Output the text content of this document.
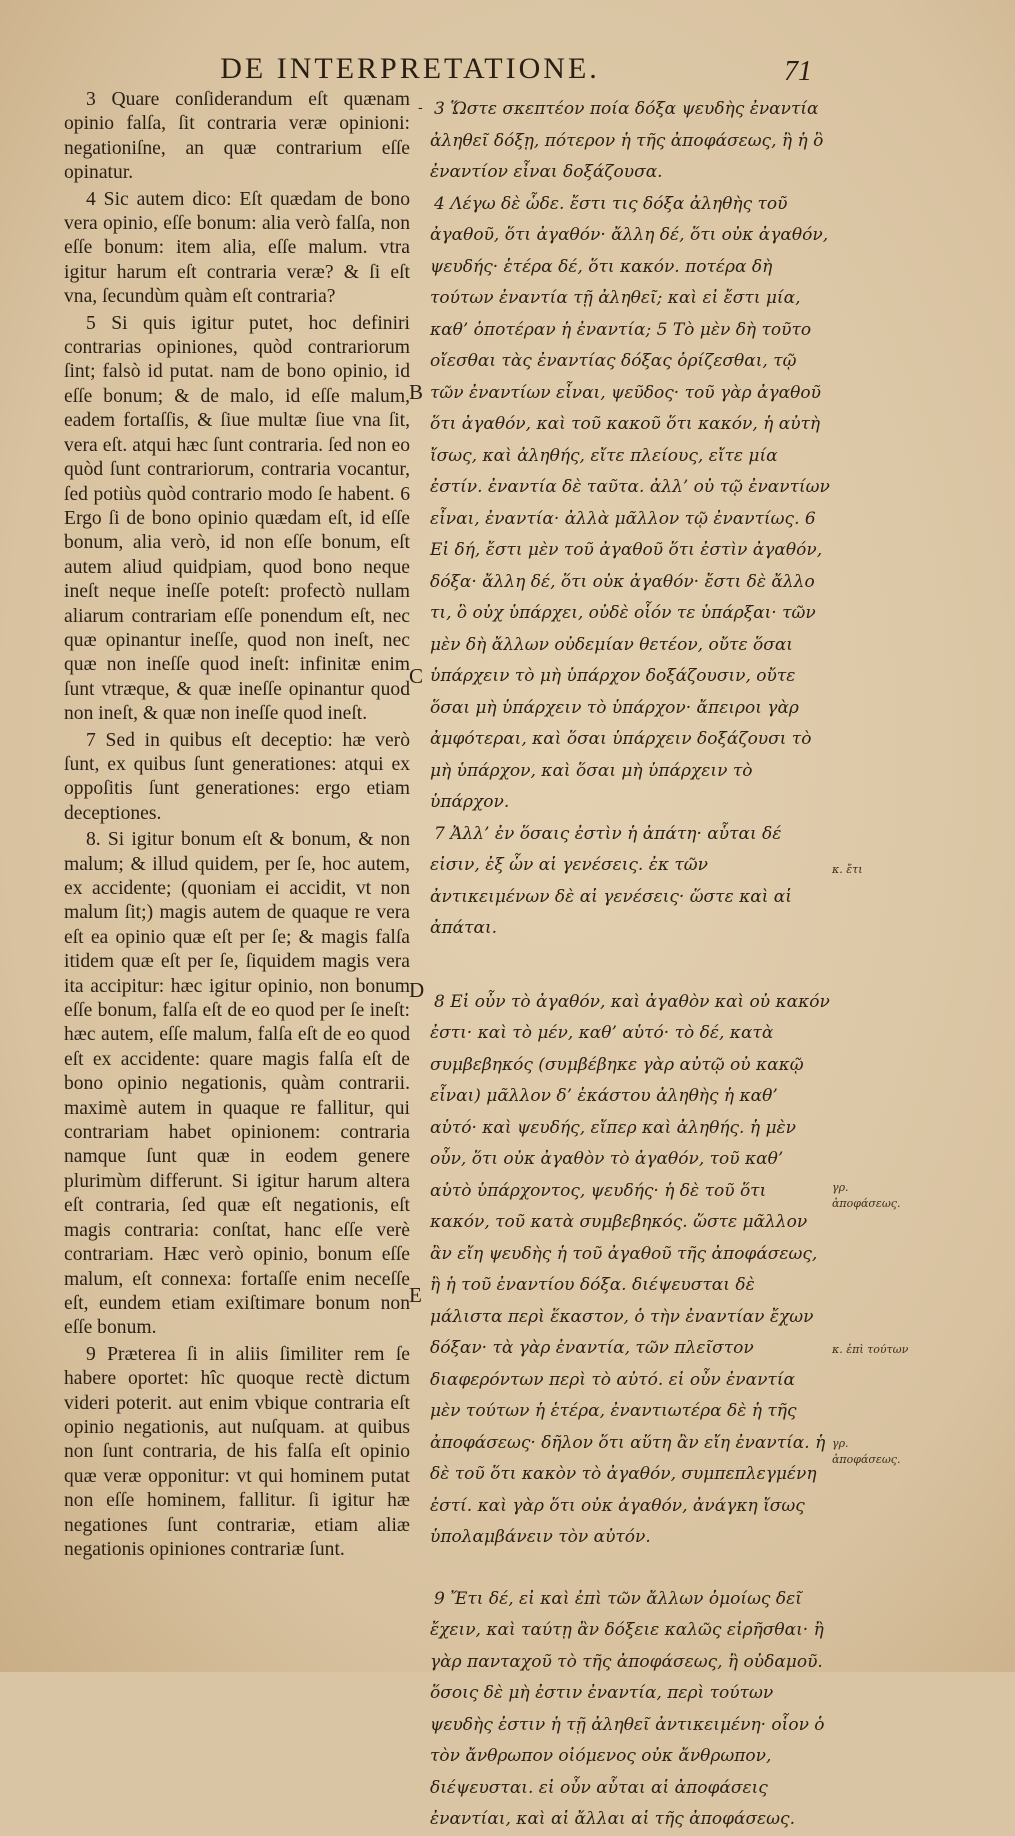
DE INTERPRETATIONE.	71
-

3 Quare conſiderandum eſt quænam opinio falſa, ſit contraria veræ opinioni: negationiſne, an quæ contrarium eſſe opinatur.

4 Sic autem dico: Eſt quædam de bono vera opinio, eſſe bonum: alia verò falſa, non eſſe bonum: item alia, eſſe malum. vtra igitur harum eſt contraria veræ? & ſi eſt vna, ſecundùm quàm eſt contraria?

5 Si quis igitur putet, hoc definiri contrarias opiniones, quòd contrariorum ſint; falsò id putat. nam de bono opinio, id eſſe bonum; & de malo, id eſſe malum, eadem fortaſſis, & ſiue multæ ſiue vna ſit, vera eſt. atqui hæc ſunt contraria. ſed non eo quòd ſunt contrariorum, contraria vocantur, ſed potiùs quòd contrario modo ſe habent. 6 Ergo ſi de bono opinio quædam eſt, id eſſe bonum, alia verò, id non eſſe bonum, eſt autem aliud quidpiam, quod bono neque ineſt neque ineſſe poteſt: profectò nullam aliarum contrariam eſſe ponendum eſt, nec quæ opinantur ineſſe, quod non ineſt, nec quæ non ineſſe quod ineſt: infinitæ enim ſunt vtræque, & quæ ineſſe opinantur quod non ineſt, & quæ non ineſſe quod ineſt.

7 Sed in quibus eſt deceptio: hæ verò ſunt, ex quibus ſunt generationes: atqui ex oppoſitis ſunt generationes: ergo etiam deceptiones.

8. Si igitur bonum eſt & bonum, & non malum; & illud quidem, per ſe, hoc autem, ex accidente; (quoniam ei accidit, vt non malum ſit;) magis autem de quaque re vera eſt ea opinio quæ eſt per ſe; & magis falſa itidem quæ eſt per ſe, ſiquidem magis vera ita accipitur: hæc igitur opinio, non bonum eſſe bonum, falſa eſt de eo quod per ſe ineſt: hæc autem, eſſe malum, falſa eſt de eo quod eſt ex accidente: quare magis falſa eſt de bono opinio negationis, quàm contrarii. maximè autem in quaque re fallitur, qui contrariam habet opinionem: contraria namque ſunt quæ in eodem genere plurimùm differunt. Si igitur harum altera eſt contraria, ſed quæ eſt negationis, eſt magis contraria: conſtat, hanc eſſe verè contrariam. Hæc verò opinio, bonum eſſe malum, eſt connexa: fortaſſe enim neceſſe eſt, eundem etiam exiſtimare bonum non eſſe bonum.

9 Præterea ſi in aliis ſimiliter rem ſe habere oportet: hîc quoque rectè dictum videri poterit. aut enim vbique contraria eſt opinio negationis, aut nuſquam. at quibus non ſunt contraria, de his falſa eſt opinio quæ veræ opponitur: vt qui hominem putat non eſſe hominem, fallitur. ſi igitur hæ negationes ſunt contrariæ, etiam aliæ negationis opiniones contrariæ ſunt.

3 Ὥστε σκεπτέον ποία δόξα ψευδὴς ἐναντία ἀληθεῖ δόξῃ, πότερον ἡ τῆς ἀποφάσεως, ἢ ἡ ὃ ἐναντίον εἶναι δοξάζουσα.

4 Λέγω δὲ ὧδε. ἔστι τις δόξα ἀληθὴς τοῦ ἀγαθοῦ, ὅτι ἀγαθόν· ἄλλη δέ, ὅτι οὐκ ἀγαθόν, ψευδής· ἑτέρα δέ, ὅτι κακόν. ποτέρα δὴ τούτων ἐναντία τῇ ἀληθεῖ; καὶ εἰ ἔστι μία, καθ’ ὁποτέραν ἡ ἐναντία; 5 Τὸ μὲν δὴ τοῦτο οἴεσθαι τὰς ἐναντίας δόξας ὁρίζεσθαι, τῷ τῶν ἐναντίων εἶναι, ψεῦδος· τοῦ γὰρ ἀγαθοῦ ὅτι ἀγαθόν, καὶ τοῦ κακοῦ ὅτι κακόν, ἡ αὐτὴ ἴσως, καὶ ἀληθής, εἴτε πλείους, εἴτε μία ἐστίν. ἐναντία δὲ ταῦτα. ἀλλ’ οὐ τῷ ἐναντίων εἶναι, ἐναντία· ἀλλὰ μᾶλλον τῷ ἐναντίως. 6 Εἰ δή, ἔστι μὲν τοῦ ἀγαθοῦ ὅτι ἐστὶν ἀγαθόν, δόξα· ἄλλη δέ, ὅτι οὐκ ἀγαθόν· ἔστι δὲ ἄλλο τι, ὃ οὐχ ὑπάρχει, οὐδὲ οἷόν τε ὑπάρξαι· τῶν μὲν δὴ ἄλλων οὐδεμίαν θετέον, οὔτε ὅσαι ὑπάρχειν τὸ μὴ ὑπάρχον δοξάζουσιν, οὔτε ὅσαι μὴ ὑπάρχειν τὸ ὑπάρχον· ἄπειροι γὰρ ἀμφότεραι, καὶ ὅσαι ὑπάρχειν δοξάζουσι τὸ μὴ ὑπάρχον, καὶ ὅσαι μὴ ὑπάρχειν τὸ ὑπάρχον.

7 Ἀλλ’ ἐν ὅσαις ἐστὶν ἡ ἀπάτη· αὗται δέ εἰσιν, ἐξ ὧν αἱ γενέσεις. ἐκ τῶν ἀντικειμένων δὲ αἱ γενέσεις· ὥστε καὶ αἱ ἀπάται.

8 Εἰ οὖν τὸ ἀγαθόν, καὶ ἀγαθὸν καὶ οὐ κακόν ἐστι· καὶ τὸ μέν, καθ’ αὑτό· τὸ δέ, κατὰ συμβεβηκός (συμβέβηκε γὰρ αὐτῷ οὐ κακῷ εἶναι) μᾶλλον δ’ ἑκάστου ἀληθὴς ἡ καθ’ αὑτό· καὶ ψευδής, εἴπερ καὶ ἀληθής. ἡ μὲν οὖν, ὅτι οὐκ ἀγαθὸν τὸ ἀγαθόν, τοῦ καθ’ αὑτὸ ὑπάρχοντος, ψευδής· ἡ δὲ τοῦ ὅτι κακόν, τοῦ κατὰ συμβεβηκός. ὥστε μᾶλλον ἂν εἴη ψευδὴς ἡ τοῦ ἀγαθοῦ τῆς ἀποφάσεως, ἢ ἡ τοῦ ἐναντίου δόξα. διέψευσται δὲ μάλιστα περὶ ἕκαστον, ὁ τὴν ἐναντίαν ἔχων δόξαν· τὰ γὰρ ἐναντία, τῶν πλεῖστον διαφερόντων περὶ τὸ αὐτό. εἰ οὖν ἐναντία μὲν τούτων ἡ ἑτέρα, ἐναντιωτέρα δὲ ἡ τῆς ἀποφάσεως· δῆλον ὅτι αὕτη ἂν εἴη ἐναντία. ἡ δὲ τοῦ ὅτι κακὸν τὸ ἀγαθόν, συμπεπλεγμένη ἐστί. καὶ γὰρ ὅτι οὐκ ἀγαθόν, ἀνάγκη ἴσως ὑπολαμβάνειν τὸν αὐτόν.

9 Ἔτι δέ, εἰ καὶ ἐπὶ τῶν ἄλλων ὁμοίως δεῖ ἔχειν, καὶ ταύτῃ ἂν δόξειε καλῶς εἰρῆσθαι· ἢ γὰρ πανταχοῦ τὸ τῆς ἀποφάσεως, ἢ οὐδαμοῦ. ὅσοις δὲ μὴ ἐστιν ἐναντία, περὶ τούτων ψευδὴς ἐστιν ἡ τῇ ἀληθεῖ ἀντικειμένη· οἷον ὁ τὸν ἄνθρωπον οἰόμενος οὐκ ἄνθρωπον, διέψευσται. εἰ οὖν αὗται αἱ ἀποφάσεις ἐναντίαι, καὶ αἱ ἄλλαι αἱ τῆς ἀποφάσεως.

B
C
D
E
κ. ἔτι
γρ. ἀποφάσεως.
κ. ἐπὶ τούτων
γρ. ἀποφάσεως.
